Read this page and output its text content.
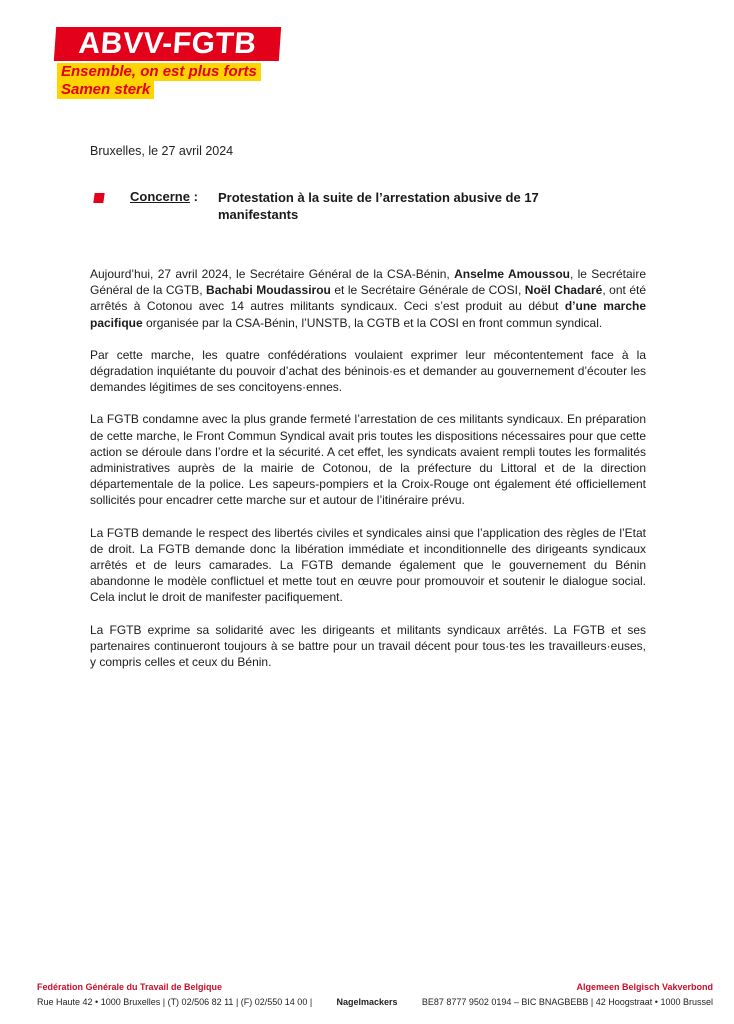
ABVV-FGTB
Ensemble, on est plus forts
Samen sterk
Bruxelles, le 27 avril 2024
Concerne : Protestation à la suite de l’arrestation abusive de 17 manifestants

Aujourd’hui, 27 avril 2024, le Secrétaire Général de la CSA-Bénin, Anselme Amoussou, le Secrétaire Général de la CGTB, Bachabi Moudassirou et le Secrétaire Générale de COSI, Noël Chadaré, ont été arrêtés à Cotonou avec 14 autres militants syndicaux. Ceci s’est produit au début d’une marche pacifique organisée par la CSA-Bénin, l’UNSTB, la CGTB et la COSI en front commun syndical.

Par cette marche, les quatre confédérations voulaient exprimer leur mécontentement face à la dégradation inquiétante du pouvoir d’achat des béninois·es et demander au gouvernement d’écouter les demandes légitimes de ses concitoyens·ennes.

La FGTB condamne avec la plus grande fermeté l’arrestation de ces militants syndicaux. En préparation de cette marche, le Front Commun Syndical avait pris toutes les dispositions nécessaires pour que cette action se déroule dans l’ordre et la sécurité. A cet effet, les syndicats avaient rempli toutes les formalités administratives auprès de la mairie de Cotonou, de la préfecture du Littoral et de la direction départementale de la police. Les sapeurs-pompiers et la Croix-Rouge ont également été officiellement sollicités pour encadrer cette marche sur et autour de l’itinéraire prévu.

La FGTB demande le respect des libertés civiles et syndicales ainsi que l’application des règles de l’Etat de droit. La FGTB demande donc la libération immédiate et inconditionnelle des dirigeants syndicaux arrêtés et de leurs camarades. La FGTB demande également que le gouvernement du Bénin abandonne le modèle conflictuel et mette tout en œuvre pour promouvoir et soutenir le dialogue social. Cela inclut le droit de manifester pacifiquement.

La FGTB exprime sa solidarité avec les dirigeants et militants syndicaux arrêtés. La FGTB et ses partenaires continueront toujours à se battre pour un travail décent pour tous·tes les travailleurs·euses, y compris celles et ceux du Bénin.

Fedération Générale du Travail de Belgique	Algemeen Belgisch Vakverbond
Rue Haute 42 • 1000 Bruxelles | (T) 02/506 82 11 | (F) 02/550 14 00 |	Nagelmackers	BE87 8777 9502 0194 – BIC BNAGBEBB | 42 Hoogstraat • 1000 Brussel
